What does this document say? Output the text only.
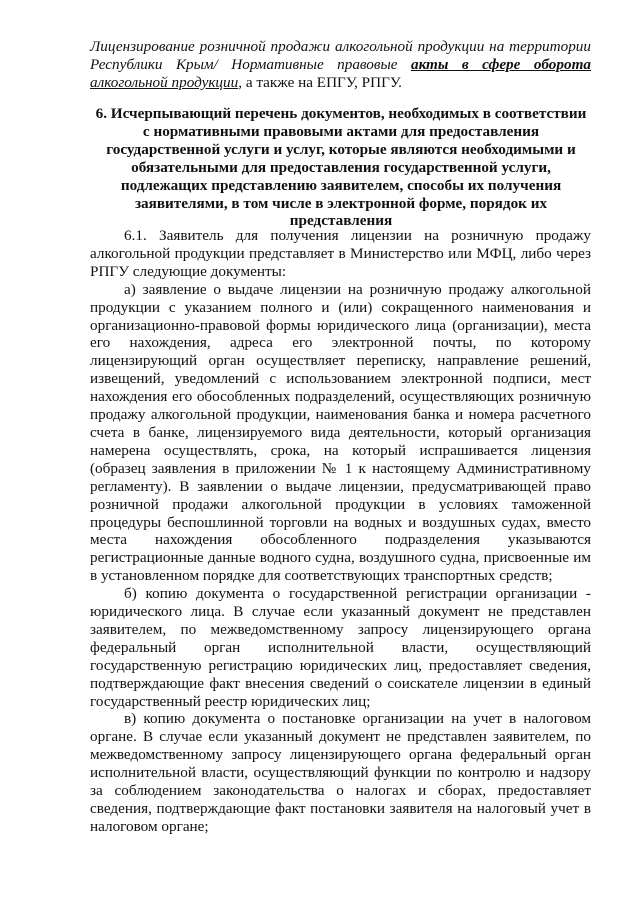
Лицензирование розничной продажи алкогольной продукции на территории Республики Крым/ Нормативные правовые акты в сфере оборота алкогольной продукции, а также на ЕПГУ, РПГУ.
6. Исчерпывающий перечень документов, необходимых в соответствии с нормативными правовыми актами для предоставления государственной услуги и услуг, которые являются необходимыми и обязательными для предоставления государственной услуги, подлежащих представлению заявителем, способы их получения заявителями, в том числе в электронной форме, порядок их представления

6.1. Заявитель для получения лицензии на розничную продажу алкогольной продукции представляет в Министерство или МФЦ, либо через РПГУ следующие документы:

а) заявление о выдаче лицензии на розничную продажу алкогольной продукции с указанием полного и (или) сокращенного наименования и организационно-правовой формы юридического лица (организации), места его нахождения, адреса его электронной почты, по которому лицензирующий орган осуществляет переписку, направление решений, извещений, уведомлений с использованием электронной подписи, мест нахождения его обособленных подразделений, осуществляющих розничную продажу алкогольной продукции, наименования банка и номера расчетного счета в банке, лицензируемого вида деятельности, который организация намерена осуществлять, срока, на который испрашивается лицензия (образец заявления в приложении № 1 к настоящему Административному регламенту). В заявлении о выдаче лицензии, предусматривающей право розничной продажи алкогольной продукции в условиях таможенной процедуры беспошлинной торговли на водных и воздушных судах, вместо места нахождения обособленного подразделения указываются регистрационные данные водного судна, воздушного судна, присвоенные им в установленном порядке для соответствующих транспортных средств;

б) копию документа о государственной регистрации организации - юридического лица. В случае если указанный документ не представлен заявителем, по межведомственному запросу лицензирующего органа федеральный орган исполнительной власти, осуществляющий государственную регистрацию юридических лиц, предоставляет сведения, подтверждающие факт внесения сведений о соискателе лицензии в единый государственный реестр юридических лиц;

в) копию документа о постановке организации на учет в налоговом органе. В случае если указанный документ не представлен заявителем, по межведомственному запросу лицензирующего органа федеральный орган исполнительной власти, осуществляющий функции по контролю и надзору за соблюдением законодательства о налогах и сборах, предоставляет сведения, подтверждающие факт постановки заявителя на налоговый учет в налоговом органе;
